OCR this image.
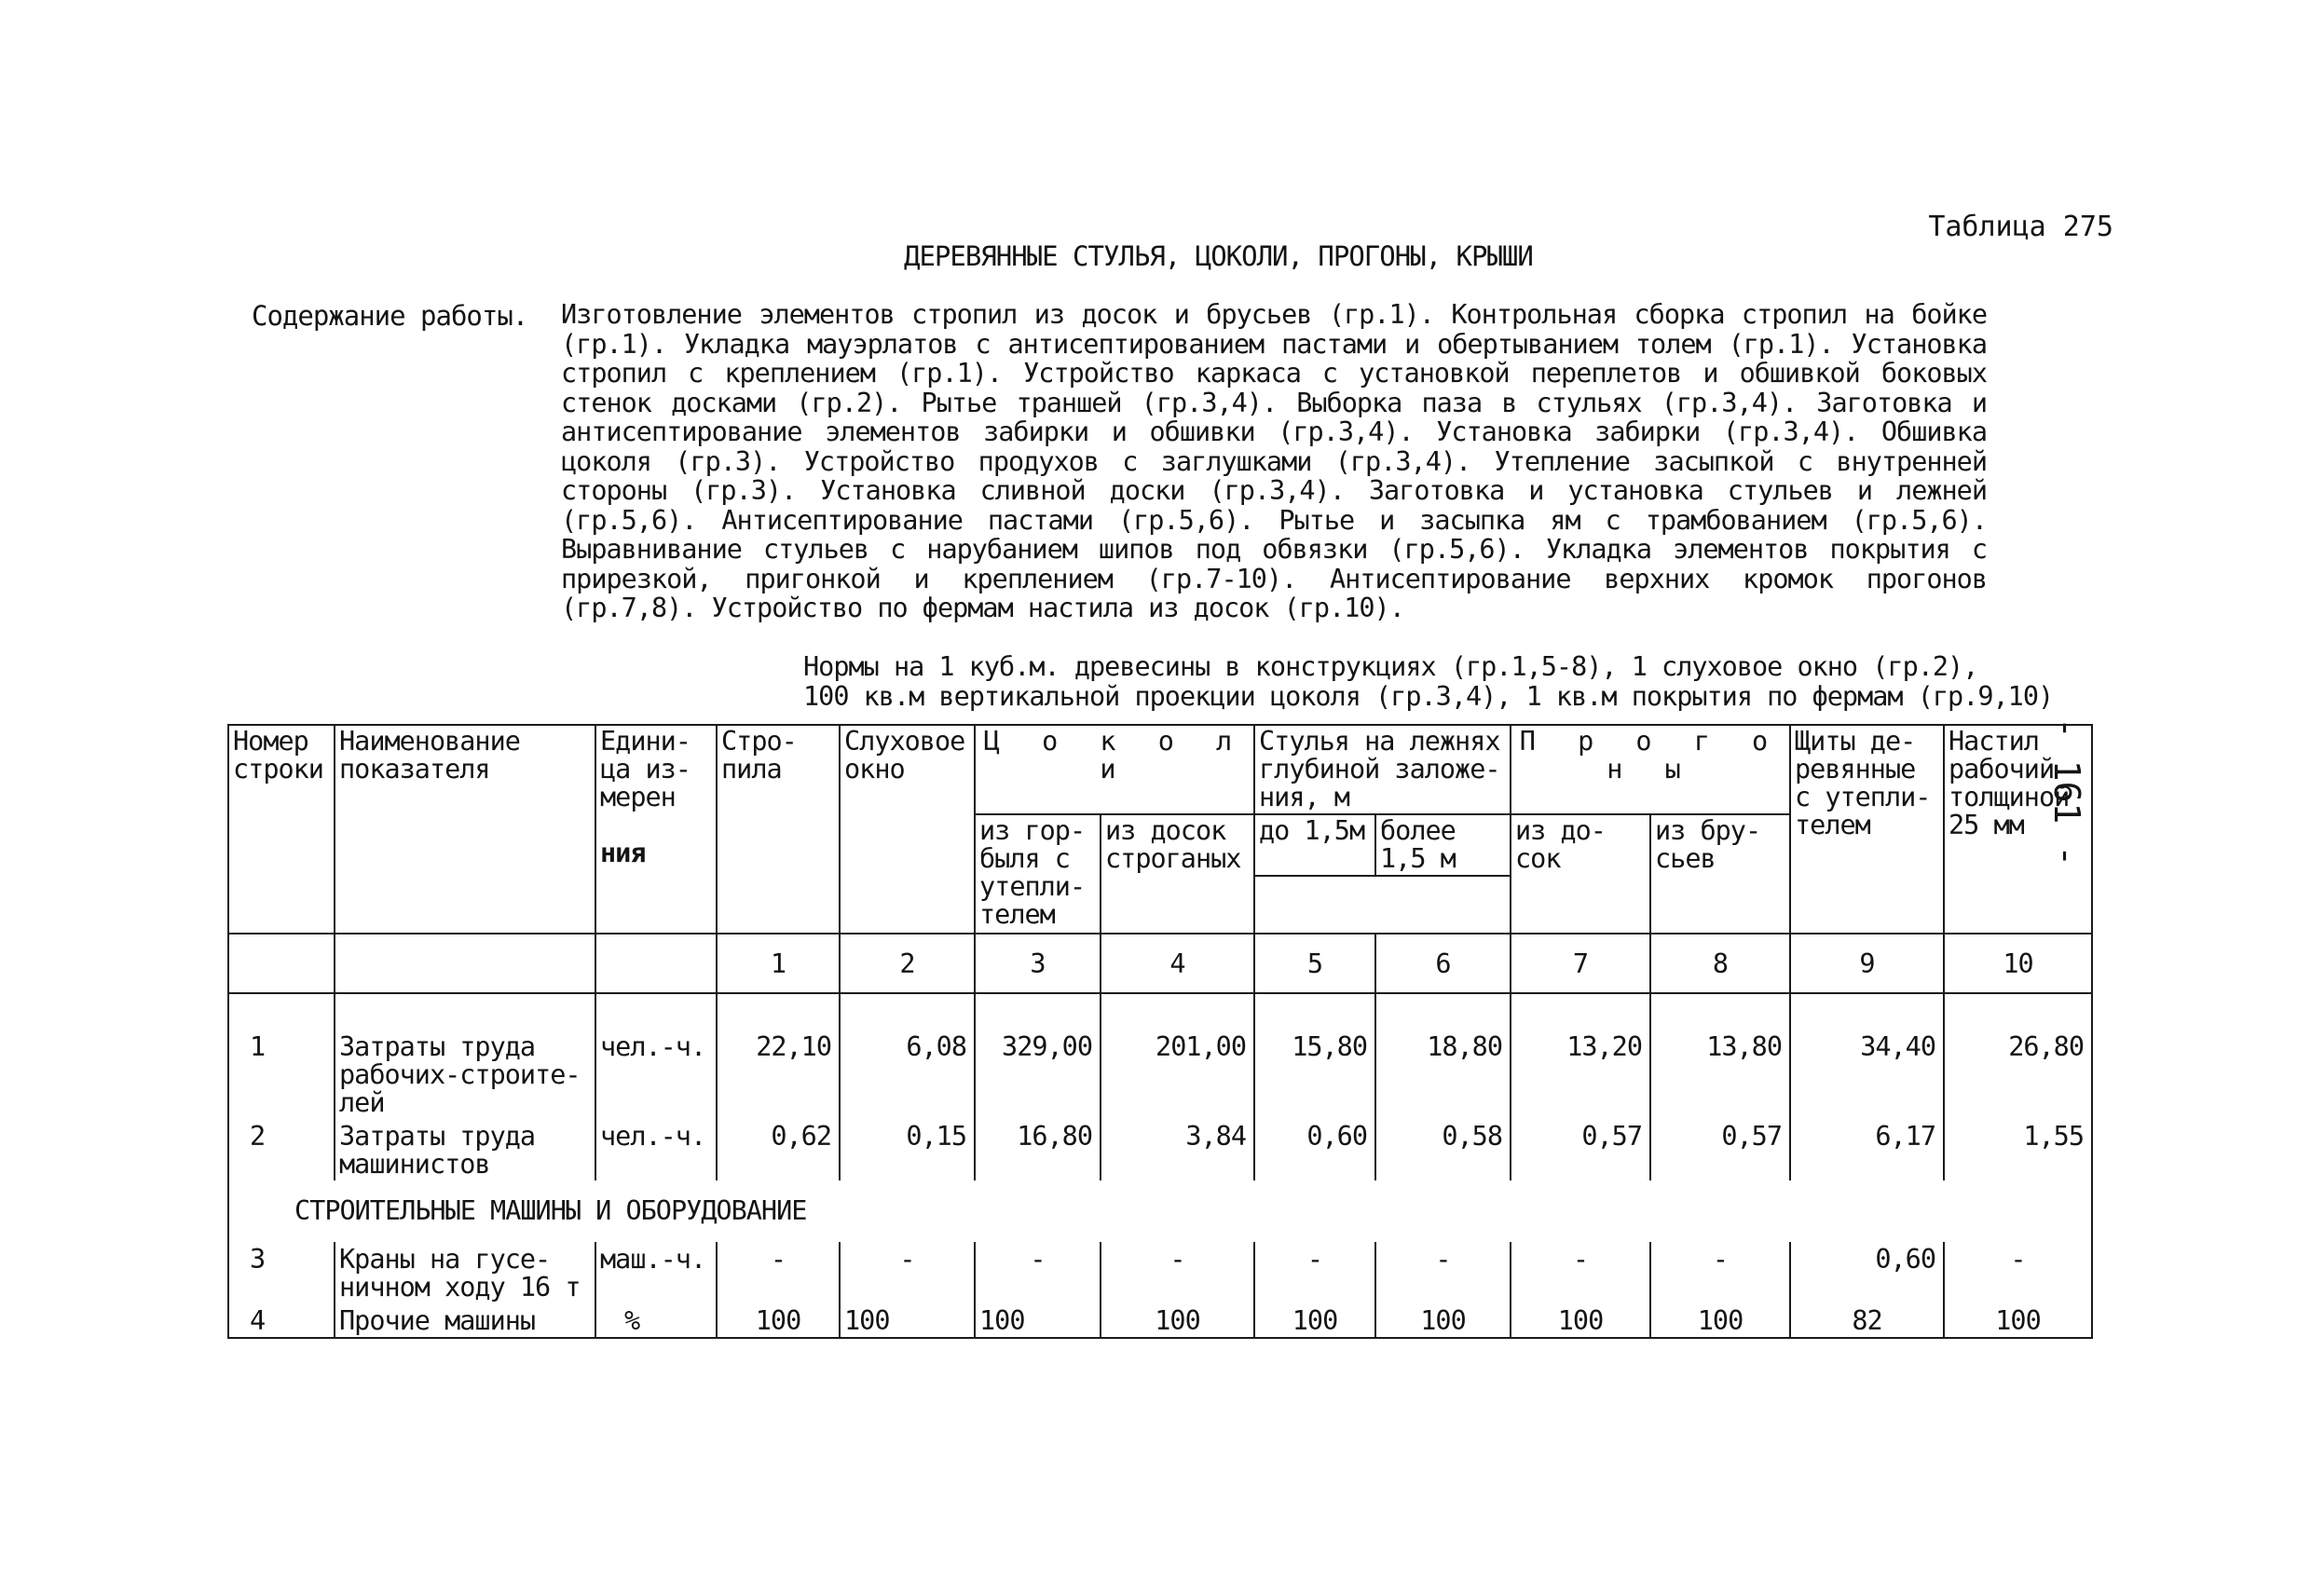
Таблица 275
ДЕРЕВЯННЫЕ СТУЛЬЯ, ЦОКОЛИ, ПРОГОНЫ, КРЫШИ
Содержание работы. Изготовление элементов стропил из досок и брусьев (гр.1). Контрольная сборка стропил на бойке (гр.1). Укладка мауэрлатов с антисептированием пастами и обертыванием толем (гр.1). Установка стропил с креплением (гр.1). Устройство каркаса с установкой переплетов и обшивкой боковых стенок досками (гр.2). Рытье траншей (гр.3,4). Выборка паза в стульях (гр.3,4). Заготовка и антисептирование элементов забирки и обшивки (гр.3,4). Установка забирки (гр.3,4). Обшивка цоколя (гр.3). Устройство продухов с заглушками (гр.3,4). Утепление засыпкой с внутренней стороны (гр.3). Установка сливной доски (гр.3,4). Заготовка и установка стульев и лежней (гр.5,6). Антисептирование пастами (гр.5,6). Рытье и засыпка ям с трамбованием (гр.5,6). Выравнивание стульев с нарубанием шипов под обвязки (гр.5,6). Укладка элементов покрытия с прирезкой, пригонкой и креплением (гр.7-10). Антисептирование верхних кромок прогонов (гр.7,8). Устройство по фермам настила из досок (гр.10).
Нормы на 1 куб.м. древесины в конструкциях (гр.1,5-8), 1 слуховое окно (гр.2),
100 кв.м вертикальной проекции цоколя (гр.3,4), 1 кв.м покрытия по фермам (гр.9,10)
- 161 -
Номер строки	Наименование показателя	Едини-ца из-мерен

ния	Стро-пила	Слуховое окно	Ц о к о л и		Стулья на лежнях глубиной заложе-ния, м		П р о г о н ы		Щиты де-ревянные с утепли-телем	Настил рабочий толщиной 25 мм
					из гор-быля с утепли-телем	из досок строганых	до 1,5м	более 1,5 м	из до-сок	из бру-сьев		

			1	2	3	4	5	6	7	8	9	10

1	Затраты труда рабочих-строите-лей	чел.-ч.	22,10	6,08	329,00	201,00	15,80	18,80	13,20	13,80	34,40	26,80
2	Затраты труда машинистов	чел.-ч.	0,62	0,15	16,80	3,84	0,60	0,58	0,57	0,57	6,17	1,55
СТРОИТЕЛЬНЫЕ МАШИНЫ И ОБОРУДОВАНИЕ												
3	Краны на гусе-ничном ходу 16 т	маш.-ч.	-	-	-	-	-	-	-	-	0,60	-
4	Прочие машины	%	100	100	100	100	100	100	100	100	82	100
